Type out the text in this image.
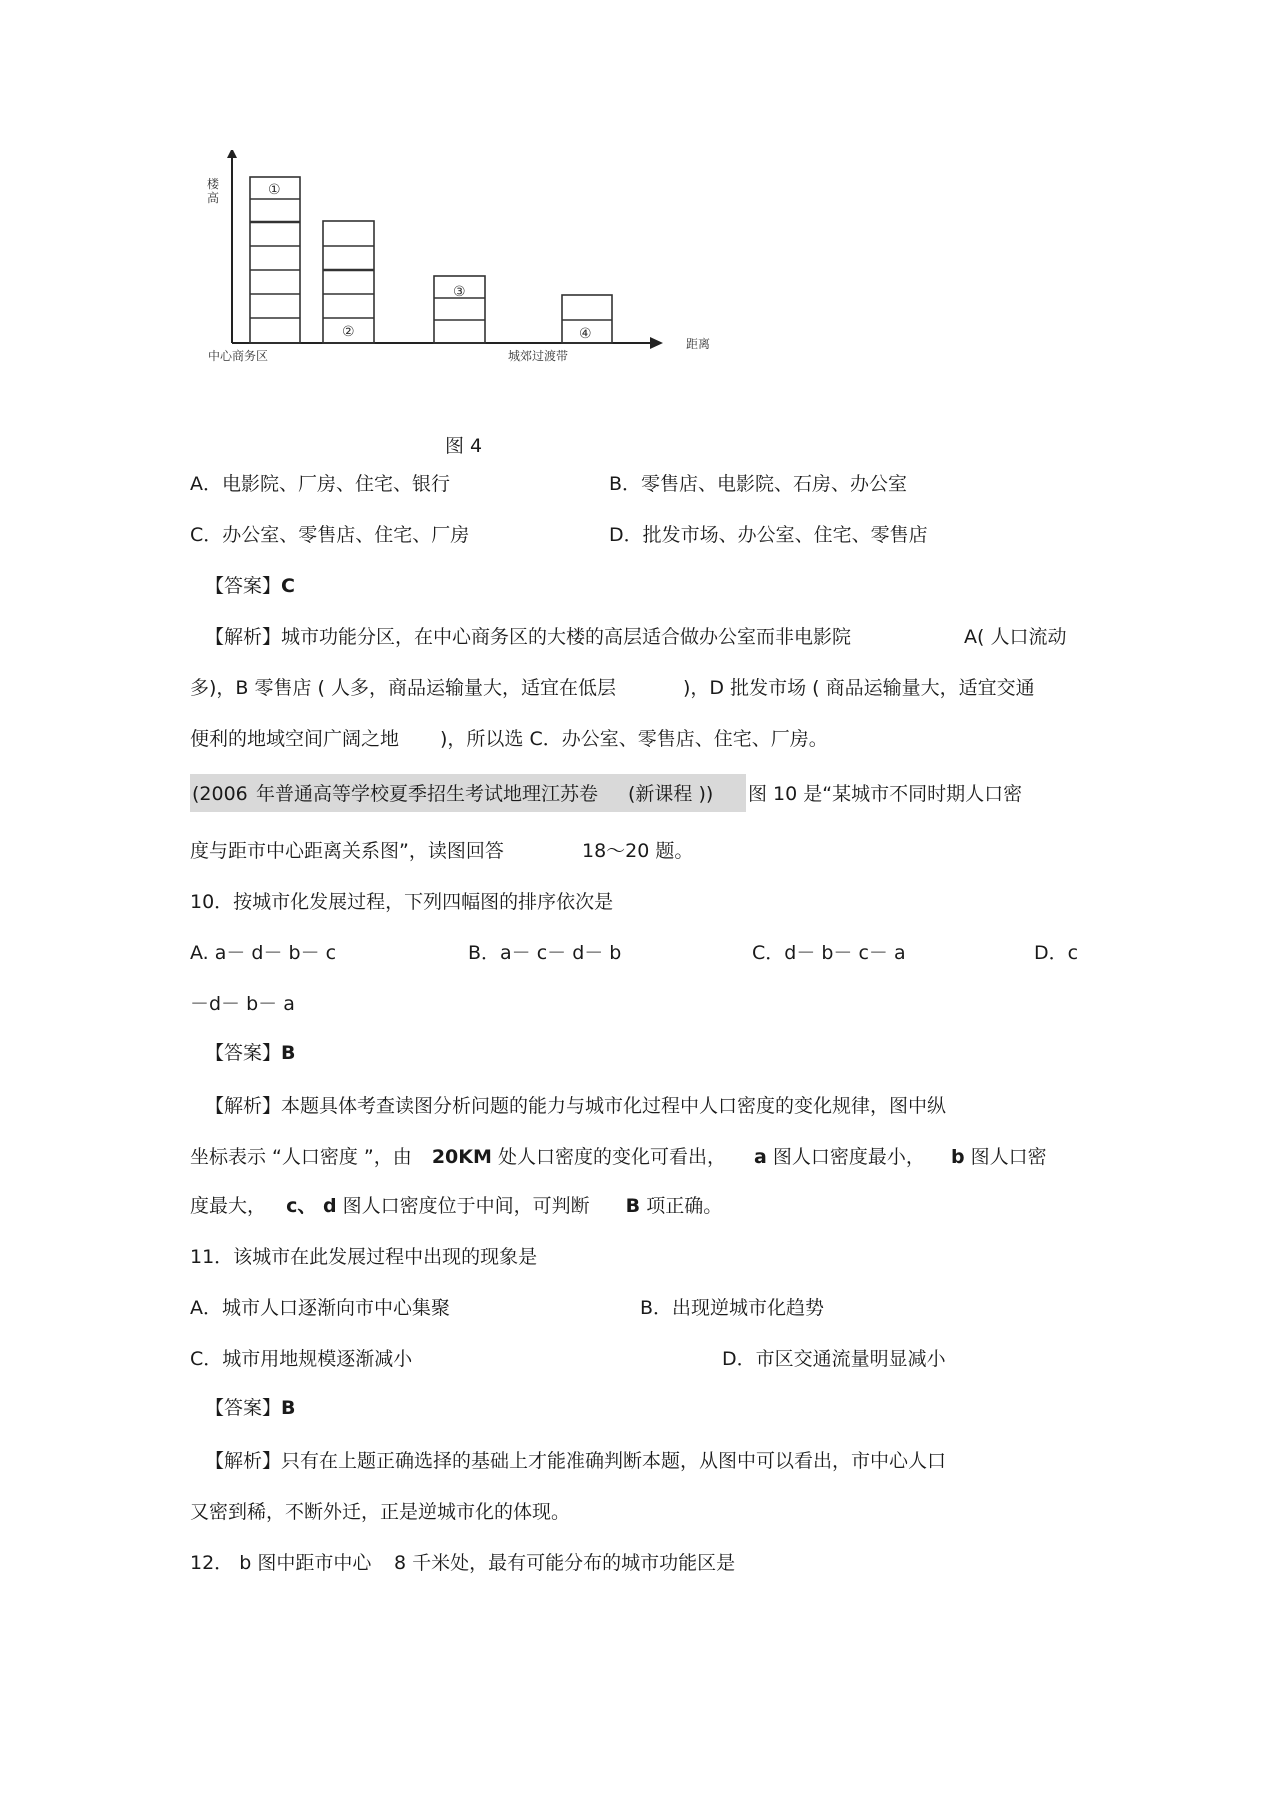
楼
高	①
②
③
④
中心商务区	城郊过渡带
距离
图 4
A．电影院、厂房、住宅、银行	B．零售店、电影院、石房、办公室
C．办公室、零售店、住宅、厂房	D．批发市场、办公室、住宅、零售店
【答案】C
【解析】城市功能分区，在中心商务区的大楼的高层适合做办公室而非电影院	A( 人口流动
多)，B 零售店 ( 人多，商品运输量大，适宜在低层	)，D 批发市场 ( 商品运输量大，适宜交通
便利的地域空间广阔之地 )，所以选 C．办公室、零售店、住宅、厂房。
(2006 年普通高等学校夏季招生考试地理江苏卷 (新课程 )) 图 10 是“某城市不同时期人口密
度与距市中心距离关系图”，读图回答	18～20 题。
10．按城市化发展过程，下列四幅图的排序依次是
A. a－ d－ b－ c	B．a－ c－ d－ b	C．d－ b－ c－ a	D．c
－d－ b－ a
【答案】B
【解析】本题具体考查读图分析问题的能力与城市化过程中人口密度的变化规律，图中纵
坐标表示 “人口密度 ”，由 20KM 处人口密度的变化可看出， a 图人口密度最小， b 图人口密
度最大， c、 d 图人口密度位于中间，可判断 B 项正确。
11．该城市在此发展过程中出现的现象是
A．城市人口逐渐向市中心集聚	B．出现逆城市化趋势
C．城市用地规模逐渐减小	D．市区交通流量明显减小
【答案】B
【解析】只有在上题正确选择的基础上才能准确判断本题，从图中可以看出，市中心人口
又密到稀，不断外迁，正是逆城市化的体现。
12． b 图中距市中心 8 千米处，最有可能分布的城市功能区是
